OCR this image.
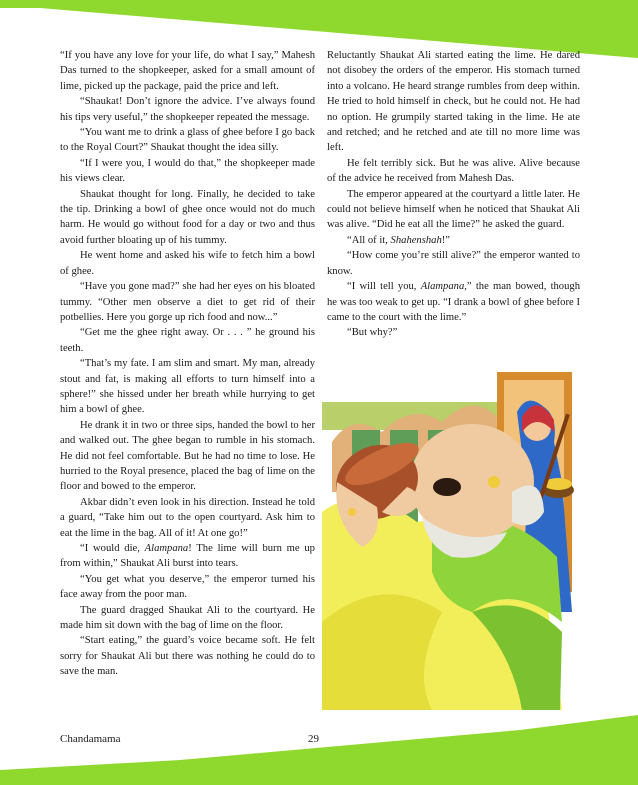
“If you have any love for your life, do what I say,” Mahesh Das turned to the shopkeeper, asked for a small amount of lime, picked up the package, paid the price and left.

“Shaukat! Don’t ignore the advice. I’ve always found his tips very useful,” the shopkeeper repeated the message.

“You want me to drink a glass of ghee before I go back to the Royal Court?” Shaukat thought the idea silly.

“If I were you, I would do that,” the shopkeeper made his views clear.

Shaukat thought for long. Finally, he decided to take the tip. Drinking a bowl of ghee once would not do much harm. He would go without food for a day or two and thus avoid further bloating up of his tummy.

He went home and asked his wife to fetch him a bowl of ghee.

“Have you gone mad?” she had her eyes on his bloated tummy. “Other men observe a diet to get rid of their potbellies. Here you gorge up rich food and now...”

“Get me the ghee right away. Or . . . ” he ground his teeth.

“That’s my fate. I am slim and smart. My man, already stout and fat, is making all efforts to turn himself into a sphere!” she hissed under her breath while hurrying to get him a bowl of ghee.

He drank it in two or three sips, handed the bowl to her and walked out. The ghee began to rumble in his stomach. He did not feel comfortable. But he had no time to lose. He hurried to the Royal presence, placed the bag of lime on the floor and bowed to the emperor.

Akbar didn’t even look in his direction. Instead he told a guard, “Take him out to the open courtyard. Ask him to eat the lime in the bag. All of it! At one go!”

“I would die, Alampana! The lime will burn me up from within,” Shaukat Ali burst into tears.

“You get what you deserve,” the emperor turned his face away from the poor man.

The guard dragged Shaukat Ali to the courtyard. He made him sit down with the bag of lime on the floor.

“Start eating,” the guard’s voice became soft. He felt sorry for Shaukat Ali but there was nothing he could do to save the man.

Reluctantly Shaukat Ali started eating the lime. He dared not disobey the orders of the emperor. His stomach turned into a volcano. He heard strange rumbles from deep within. He tried to hold himself in check, but he could not. He had no option. He grumpily started taking in the lime. He ate and retched; and he retched and ate till no more lime was left.

He felt terribly sick. But he was alive. Alive because of the advice he received from Mahesh Das.

The emperor appeared at the courtyard a little later. He could not believe himself when he noticed that Shaukat Ali was alive. “Did he eat all the lime?” he asked the guard.

“All of it, Shahenshah!”

“How come you’re still alive?” the emperor wanted to know.

“I will tell you, Alampana,” the man bowed, though he was too weak to get up. “I drank a bowl of ghee before I came to the court with the lime.”

“But why?”

Chandamama	29
